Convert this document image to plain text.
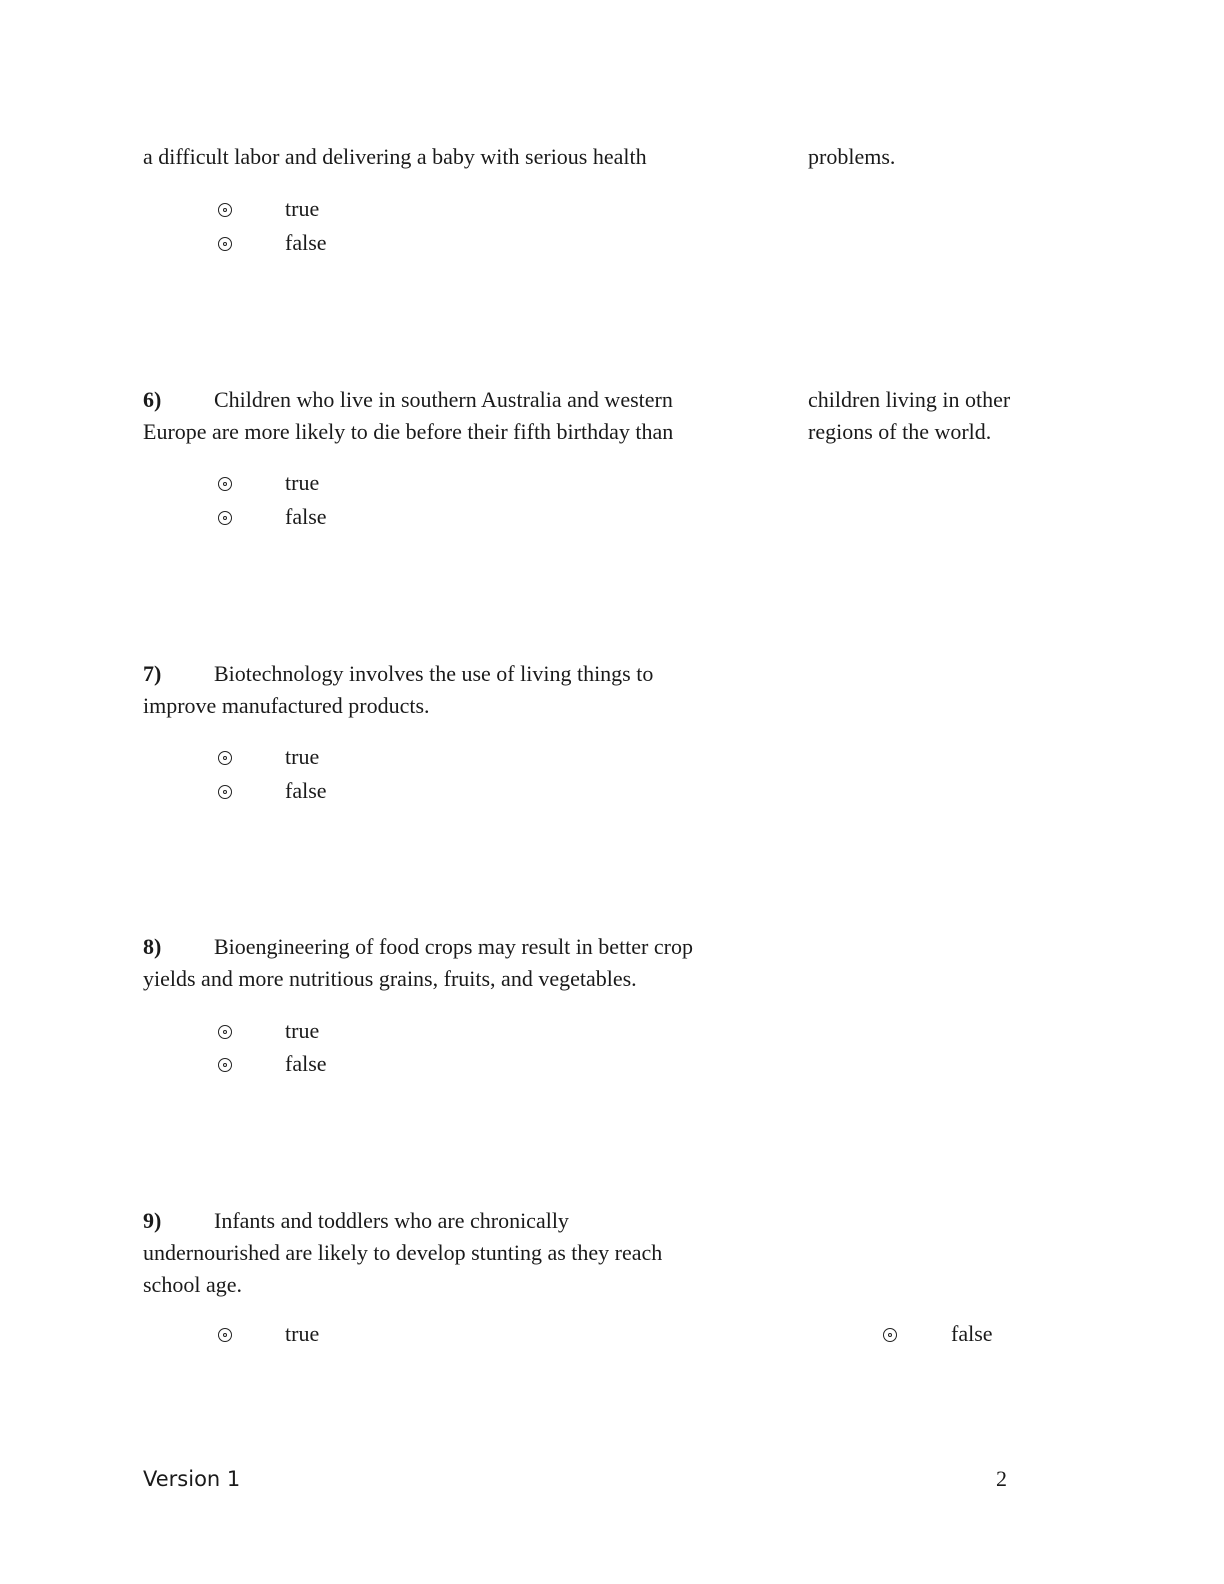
a difficult labor and delivering a baby with serious health	problems.
true
false
6) Children who live in southern Australia and western
Europe are more likely to die before their fifth birthday than
children living in other
regions of the world.
true
false
7) Biotechnology involves the use of living things to
improve manufactured products.
true
false
8) Bioengineering of food crops may result in better crop
yields and more nutritious grains, fruits, and vegetables.
true
false
9) Infants and toddlers who are chronically
undernourished are likely to develop stunting as they reach
school age.
true	false
Version 1	2
